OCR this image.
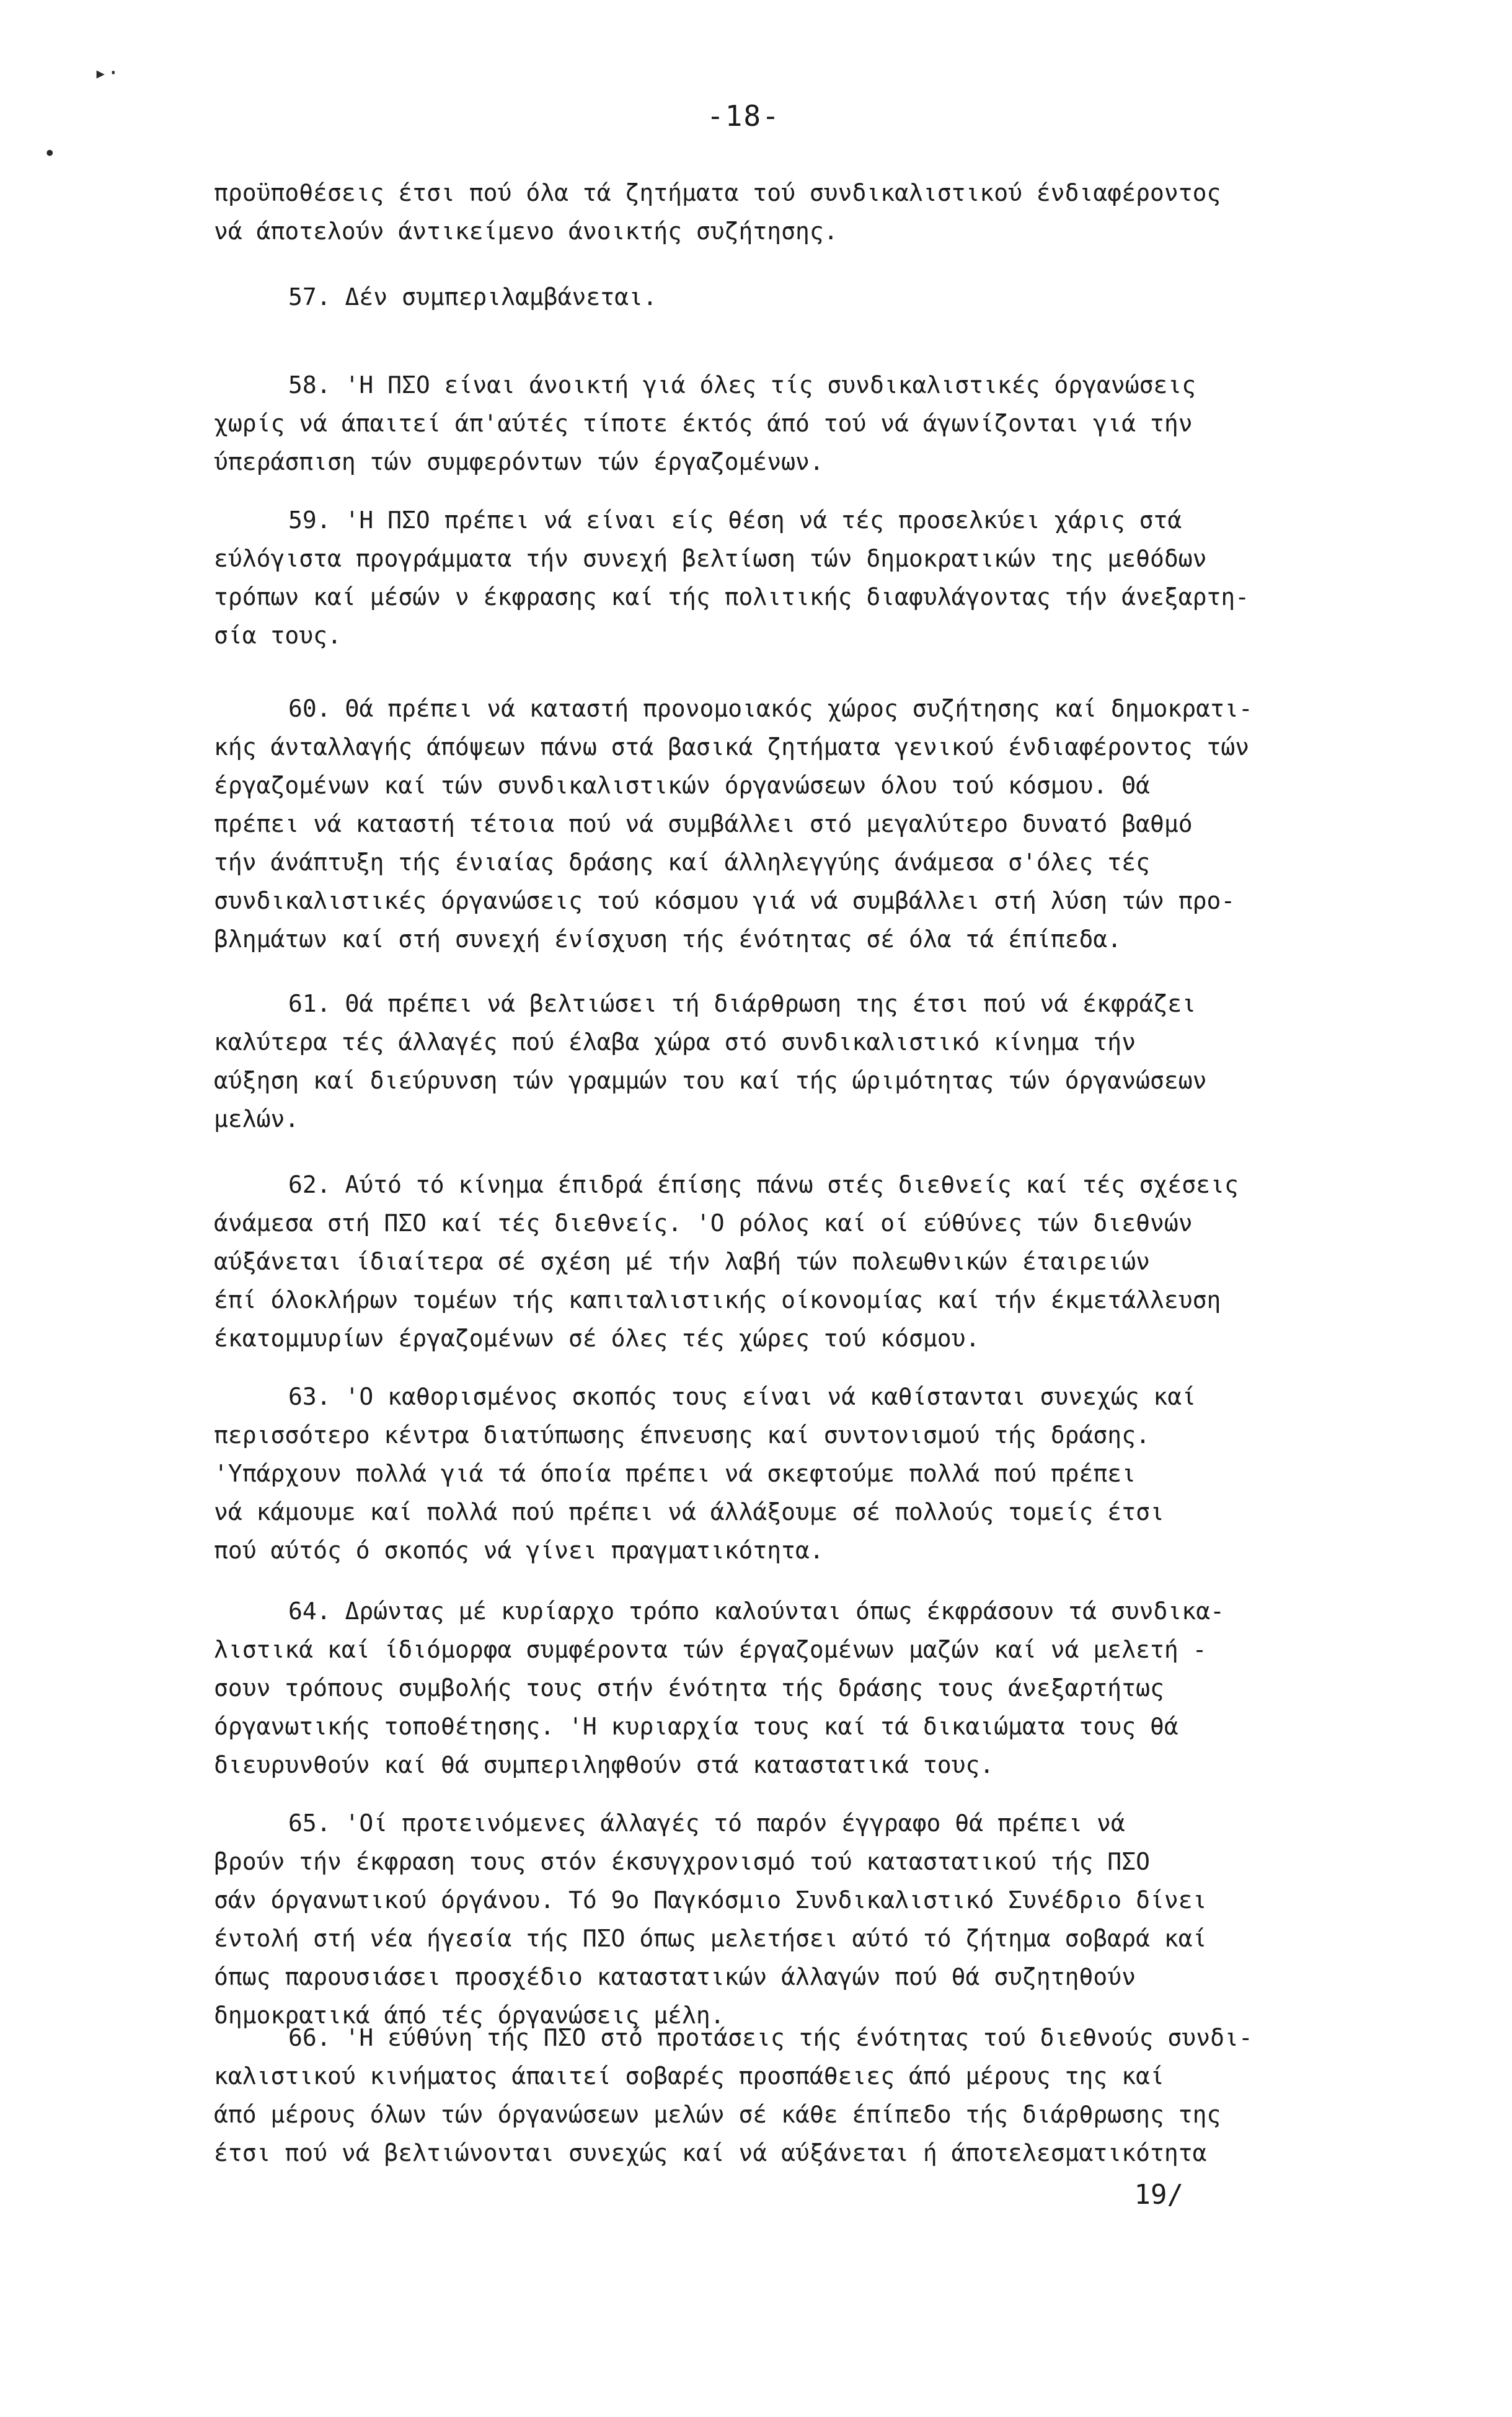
▸·
•
-18-
προϋποθέσεις έτσι πού όλα τά ζητήματα τού συνδικαλιστικού ένδιαφέροντος
νά άποτελούν άντικείμενο άνοικτής συζήτησης.
57. Δέν συμπεριλαμβάνεται.
58. 'Η ΠΣΟ είναι άνοικτή γιά όλες τίς συνδικαλιστικές όργανώσεις
χωρίς νά άπαιτεί άπ'αύτές τίποτε έκτός άπό τού νά άγωνίζονται γιά τήν
ύπεράσπιση τών συμφερόντων τών έργαζομένων.
59. 'Η ΠΣΟ πρέπει νά είναι είς θέση νά τές προσελκύει χάρις στά
εύλόγιστα προγράμματα τήν συνεχή βελτίωση τών δημοκρατικών της μεθόδων
τρόπων καί μέσών ν έκφρασης καί τής πολιτικής διαφυλάγοντας τήν άνεξαρτη-
σία τους.
60. Θά πρέπει νά καταστή προνομοιακός χώρος συζήτησης καί δημοκρατι-
κής άνταλλαγής άπόψεων πάνω στά βασικά ζητήματα γενικού ένδιαφέροντος τών
έργαζομένων καί τών συνδικαλιστικών όργανώσεων όλου τού κόσμου. Θά
πρέπει νά καταστή τέτοια πού νά συμβάλλει στό μεγαλύτερο δυνατό βαθμό
τήν άνάπτυξη τής ένιαίας δράσης καί άλληλεγγύης άνάμεσα σ'όλες τές
συνδικαλιστικές όργανώσεις τού κόσμου γιά νά συμβάλλει στή λύση τών προ-
βλημάτων καί στή συνεχή ένίσχυση τής ένότητας σέ όλα τά έπίπεδα.
61. Θά πρέπει νά βελτιώσει τή διάρθρωση της έτσι πού νά έκφράζει
καλύτερα τές άλλαγές πού έλαβα χώρα στό συνδικαλιστικό κίνημα τήν
αύξηση καί διεύρυνση τών γραμμών του καί τής ώριμότητας τών όργανώσεων
μελών.
62. Αύτό τό κίνημα έπιδρά έπίσης πάνω στές διεθνείς καί τές σχέσεις
άνάμεσα στή ΠΣΟ καί τές διεθνείς. 'Ο ρόλος καί οί εύθύνες τών διεθνών
αύξάνεται ίδιαίτερα σέ σχέση μέ τήν λαβή τών πολεωθνικών έταιρειών
έπί όλοκλήρων τομέων τής καπιταλιστικής οίκονομίας καί τήν έκμετάλλευση
έκατομμυρίων έργαζομένων σέ όλες τές χώρες τού κόσμου.
63. 'Ο καθορισμένος σκοπός τους είναι νά καθίστανται συνεχώς καί
περισσότερο κέντρα διατύπωσης έπνευσης καί συντονισμού τής δράσης.
'Υπάρχουν πολλά γιά τά όποία πρέπει νά σκεφτούμε πολλά πού πρέπει
νά κάμουμε καί πολλά πού πρέπει νά άλλάξουμε σέ πολλούς τομείς έτσι
πού αύτός ό σκοπός νά γίνει πραγματικότητα.
64. Δρώντας μέ κυρίαρχο τρόπο καλούνται όπως έκφράσουν τά συνδικα-
λιστικά καί ίδιόμορφα συμφέροντα τών έργαζομένων μαζών καί νά μελετή -
σουν τρόπους συμβολής τους στήν ένότητα τής δράσης τους άνεξαρτήτως
όργανωτικής τοποθέτησης. 'Η κυριαρχία τους καί τά δικαιώματα τους θά
διευρυνθούν καί θά συμπεριληφθούν στά καταστατικά τους.
65. 'Οί προτεινόμενες άλλαγές τό παρόν έγγραφο θά πρέπει νά
βρούν τήν έκφραση τους στόν έκσυγχρονισμό τού καταστατικού τής ΠΣΟ
σάν όργανωτικού όργάνου. Τό 9ο Παγκόσμιο Συνδικαλιστικό Συνέδριο δίνει
έντολή στή νέα ήγεσία τής ΠΣΟ όπως μελετήσει αύτό τό ζήτημα σοβαρά καί
όπως παρουσιάσει προσχέδιο καταστατικών άλλαγών πού θά συζητηθούν
δημοκρατικά άπό τές όργανώσεις μέλη.
66. 'Η εύθύνη τής ΠΣΟ στό προτάσεις τής ένότητας τού διεθνούς συνδι-
καλιστικού κινήματος άπαιτεί σοβαρές προσπάθειες άπό μέρους της καί
άπό μέρους όλων τών όργανώσεων μελών σέ κάθε έπίπεδο τής διάρθρωσης της
έτσι πού νά βελτιώνονται συνεχώς καί νά αύξάνεται ή άποτελεσματικότητα
19/
